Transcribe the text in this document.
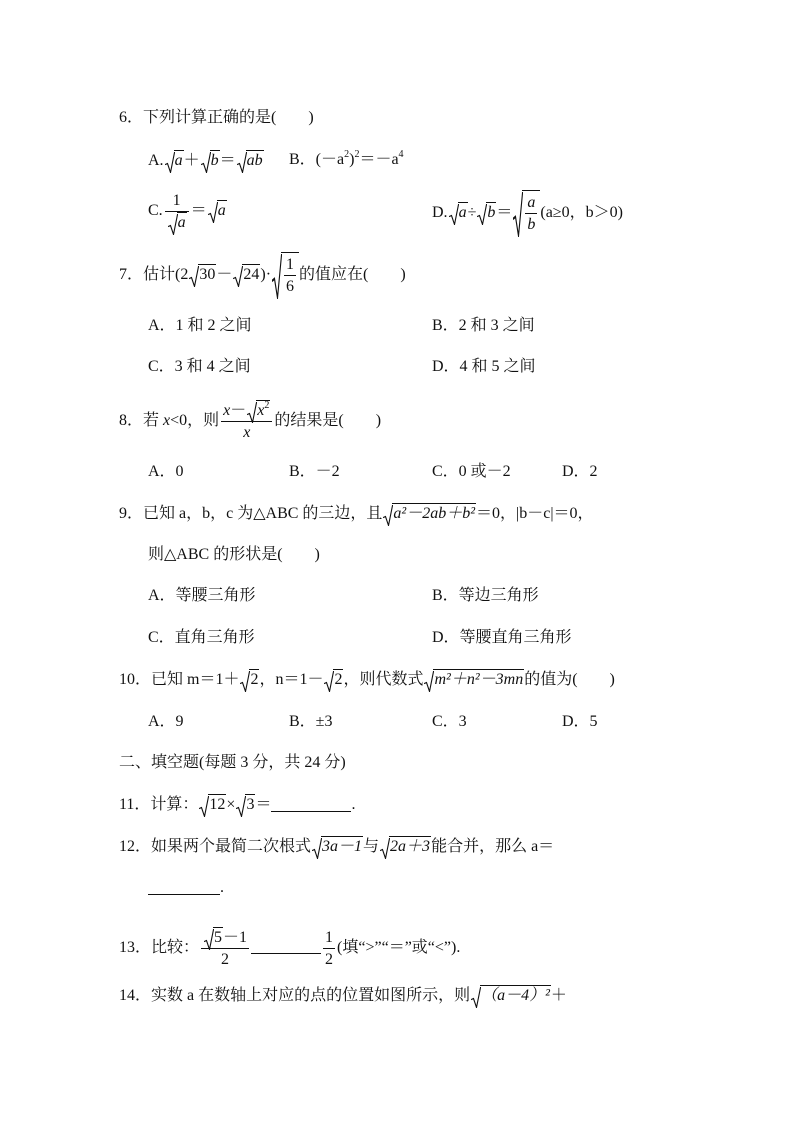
6．下列计算正确的是(　　)
A. a＋ b＝ ab B．$(-a^2)^2=-a^4$
C. $\frac{1}{a} = a$	D. $a\div b= \frac{a}{b} (a\ge 0$，b＞0)
7．估计(2 $30- 24)\cdot \frac{1}{6}$ 的值应在(　　)
A．1 和 2 之间	B．2 和 3 之间
C．3 和 4 之间	D．4 和 5 之间
8．若 x<0，则 $\frac{x- x^2}{x}$ 的结果是(　　)
A．0	B．－2	C．0 或－2	D．2
9．已知 a，b，c 为△ABC 的三边，且 a²－2ab＋b²＝0，|b－c|＝0，
则△ABC 的形状是(　　)
A．等腰三角形	B．等边三角形
C．直角三角形	D．等腰直角三角形
10．已知 m＝1＋ 2，n＝1－ 2，则代数式 m²＋n²－3mn的值为(　　)
A．9	B．±3	C．3	D．5
二、填空题(每题 3 分，共 24 分)
11．计算： 12× 3＝	.
12．如果两个最简二次根式 3a－1与 2a＋3能合并，那么 a＝
.
13．比较： $\frac{5-1}{2}$	$\frac{1}{2}$ (填“>”“＝”或“<”).
14．实数 a 在数轴上对应的点的位置如图所示，则 （a－4）²＋
